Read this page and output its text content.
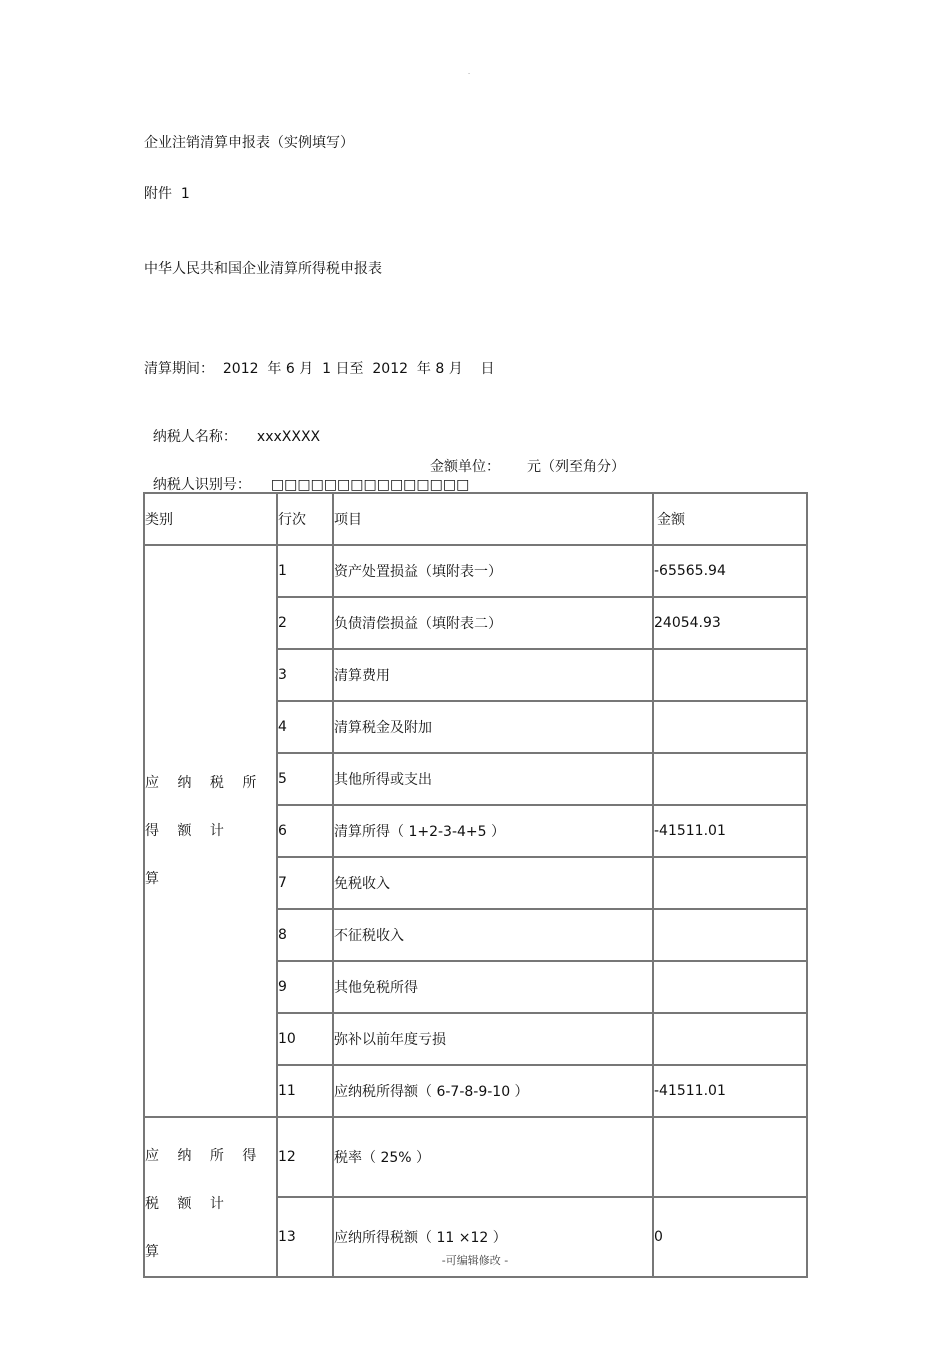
-
企业注销清算申报表（实例填写）
附件  1
中华人民共和国企业清算所得税申报表
清算期间：  2012  年 6 月  1 日至  2012  年 8 月    日

纳税人名称： xxxXXXX

纳税人识别号： □□□□□□□□□□□□□□□

金额单位： 元（列至角分）
类别	行次	项目	金额

应 纳 税 所 得 额 计
算	1	资产处置损益（填附表一）	-65565.94
	2	负债清偿损益（填附表二）	24054.93
	3	清算费用	
	4	清算税金及附加	
	5	其他所得或支出	
	6	清算所得（ 1+2-3-4+5 ）	-41511.01
	7	免税收入	
	8	不征税收入	
	9	其他免税所得	
	10	弥补以前年度亏损	
	11	应纳税所得额（ 6-7-8-9-10 ）	-41511.01

应 纳 所 得 税 额 计
算	12	税率（ 25% ）	
	13	应纳所得税额（ 11 ×12 ）	0
-可编辑修改 -
